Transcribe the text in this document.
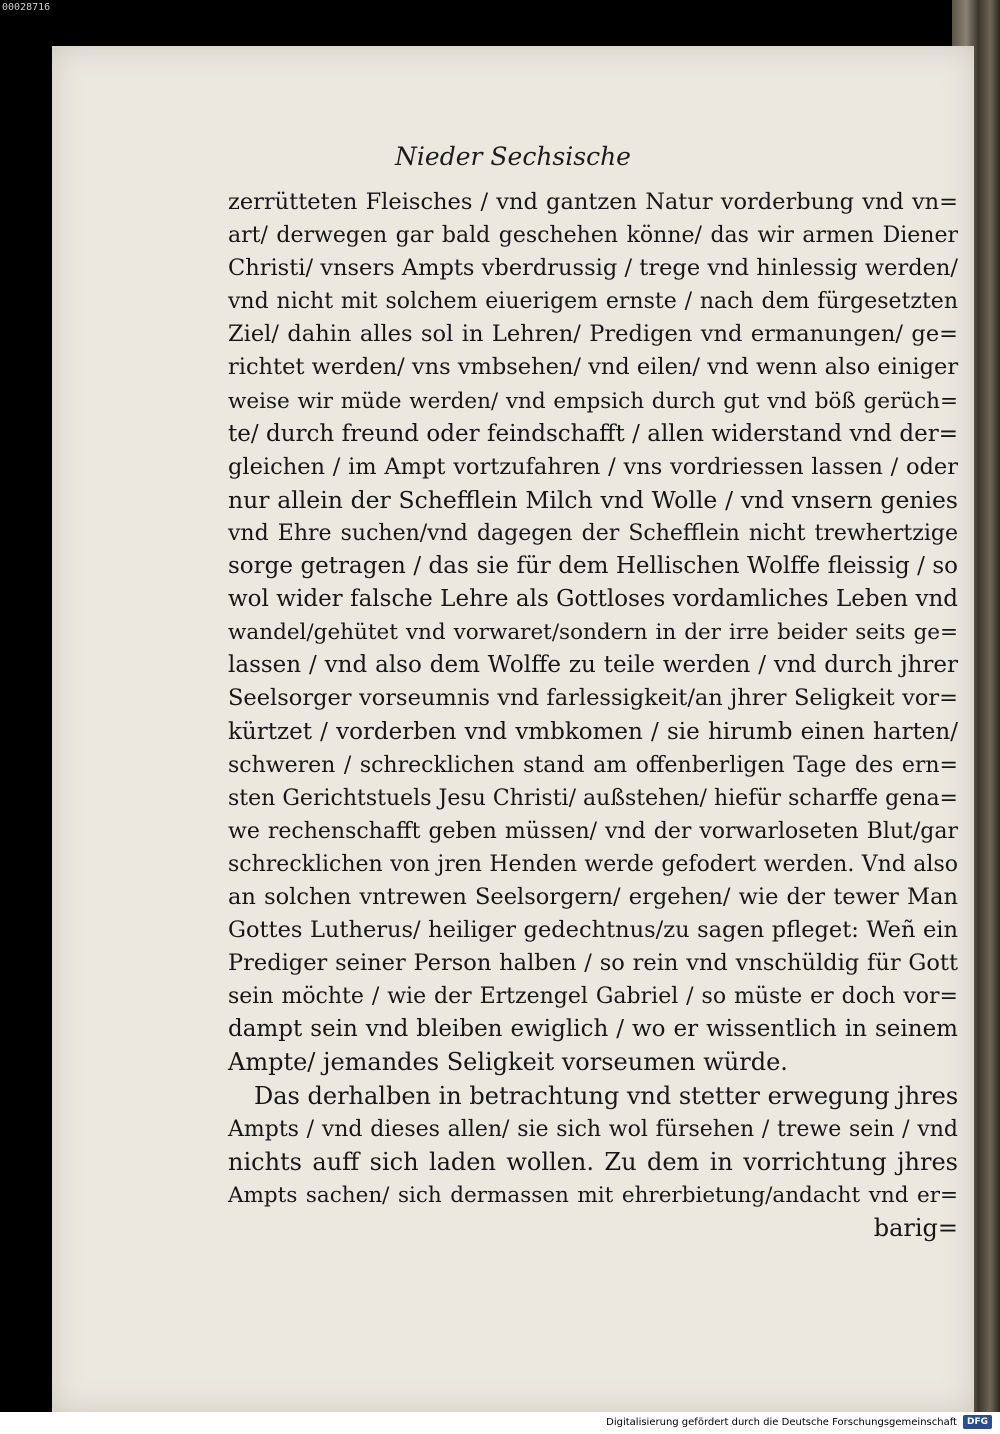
00028716
Nieder Sechsische
zerrütteten Fleisches / vnd gantzen Natur vorderbung vnd vn=
art/ derwegen gar bald geschehen könne/ das wir armen Diener
Christi/ vnsers Ampts vberdrussig / trege vnd hinlessig werden/
vnd nicht mit solchem eiuerigem ernste / nach dem fürgesetzten
Ziel/ dahin alles sol in Lehren/ Predigen vnd ermanungen/ ge=
richtet werden/ vns vmbsehen/ vnd eilen/ vnd wenn also einiger
weise wir müde werden/ vnd empsich durch gut vnd böß gerüch=
te/ durch freund oder feindschafft / allen widerstand vnd der=
gleichen / im Ampt vortzufahren / vns vordriessen lassen / oder
nur allein der Schefflein Milch vnd Wolle / vnd vnsern genies
vnd Ehre suchen/vnd dagegen der Schefflein nicht trewhertzige
sorge getragen / das sie für dem Hellischen Wolffe fleissig / so
wol wider falsche Lehre als Gottloses vordamliches Leben vnd
wandel/gehütet vnd vorwaret/sondern in der irre beider seits ge=
lassen / vnd also dem Wolffe zu teile werden / vnd durch jhrer
Seelsorger vorseumnis vnd farlessigkeit/an jhrer Seligkeit vor=
kürtzet / vorderben vnd vmbkomen / sie hirumb einen harten/
schweren / schrecklichen stand am offenberligen Tage des ern=
sten Gerichtstuels Jesu Christi/ außstehen/ hiefür scharffe gena=
we rechenschafft geben müssen/ vnd der vorwarloseten Blut/gar
schrecklichen von jren Henden werde gefodert werden. Vnd also
an solchen vntrewen Seelsorgern/ ergehen/ wie der tewer Man
Gottes Lutherus/ heiliger gedechtnus/zu sagen pfleget: Weñ ein
Prediger seiner Person halben / so rein vnd vnschüldig für Gott
sein möchte / wie der Ertzengel Gabriel / so müste er doch vor=
dampt sein vnd bleiben ewiglich / wo er wissentlich in seinem
Ampte/ jemandes Seligkeit vorseumen würde.
Das derhalben in betrachtung vnd stetter erwegung jhres
Ampts / vnd dieses allen/ sie sich wol fürsehen / trewe sein / vnd
nichts auff sich laden wollen. Zu dem in vorrichtung jhres
Ampts sachen/ sich dermassen mit ehrerbietung/andacht vnd er=
barig=
Digitalisierung gefördert durch die Deutsche Forschungsgemeinschaft DFG
